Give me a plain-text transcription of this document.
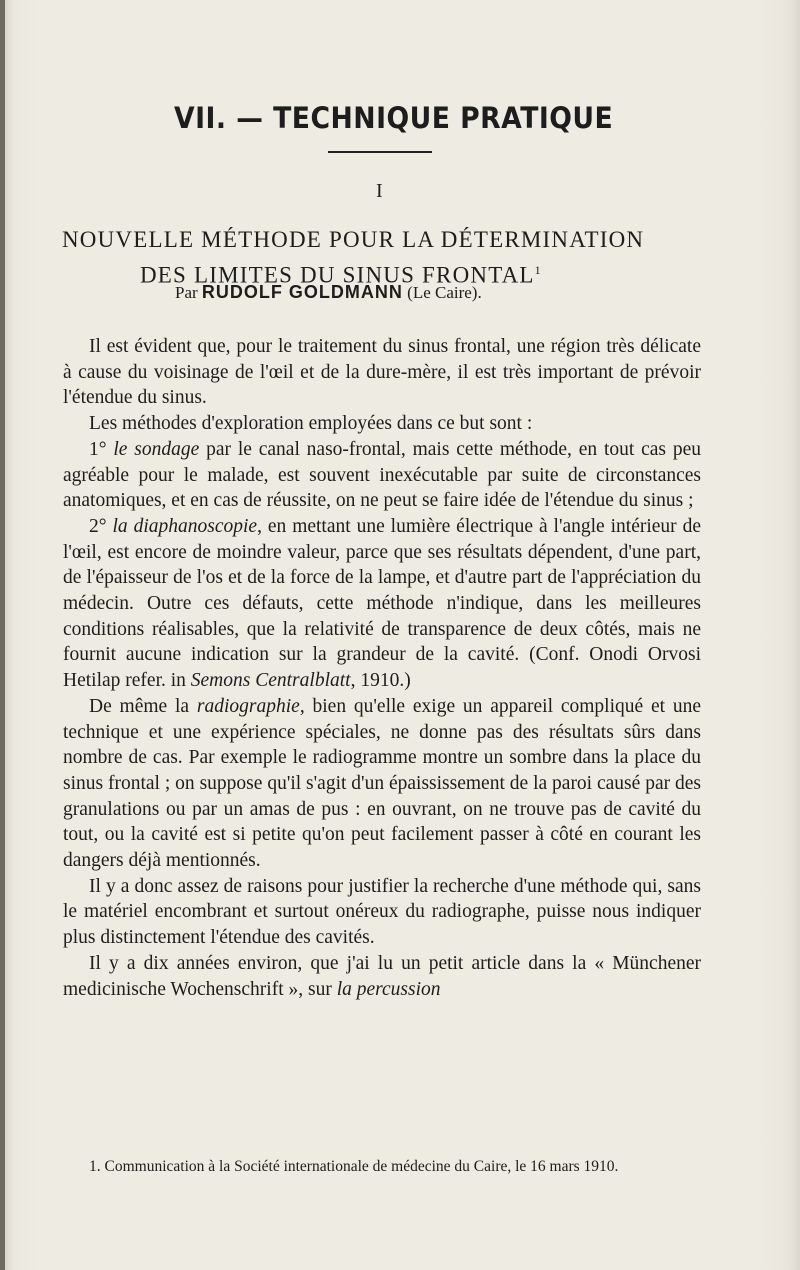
VII. — TECHNIQUE PRATIQUE
I
NOUVELLE MÉTHODE POUR LA DÉTERMINATION
DES LIMITES DU SINUS FRONTAL$^1$
Par RUDOLF GOLDMANN (Le Caire).

Il est évident que, pour le traitement du sinus frontal, une région très délicate à cause du voisinage de l'œil et de la dure-mère, il est très important de prévoir l'étendue du sinus.

Les méthodes d'exploration employées dans ce but sont :

1° le sondage par le canal naso-frontal, mais cette méthode, en tout cas peu agréable pour le malade, est souvent inexécutable par suite de circonstances anatomiques, et en cas de réussite, on ne peut se faire idée de l'étendue du sinus ;

2° la diaphanoscopie, en mettant une lumière électrique à l'angle intérieur de l'œil, est encore de moindre valeur, parce que ses résultats dépendent, d'une part, de l'épaisseur de l'os et de la force de la lampe, et d'autre part de l'appréciation du médecin. Outre ces défauts, cette méthode n'indique, dans les meilleures conditions réalisables, que la relativité de transparence de deux côtés, mais ne fournit aucune indication sur la grandeur de la cavité. (Conf. Onodi Orvosi Hetilap refer. in Semons Centralblatt, 1910.)

De même la radiographie, bien qu'elle exige un appareil compliqué et une technique et une expérience spéciales, ne donne pas des résultats sûrs dans nombre de cas. Par exemple le radiogramme montre un sombre dans la place du sinus frontal ; on suppose qu'il s'agit d'un épaississement de la paroi causé par des granulations ou par un amas de pus : en ouvrant, on ne trouve pas de cavité du tout, ou la cavité est si petite qu'on peut facilement passer à côté en courant les dangers déjà mentionnés.

Il y a donc assez de raisons pour justifier la recherche d'une méthode qui, sans le matériel encombrant et surtout onéreux du radiographe, puisse nous indiquer plus distinctement l'étendue des cavités.

Il y a dix années environ, que j'ai lu un petit article dans la « Münchener medicinische Wochenschrift », sur la percussion

1. Communication à la Société internationale de médecine du Caire, le 16 mars 1910.
